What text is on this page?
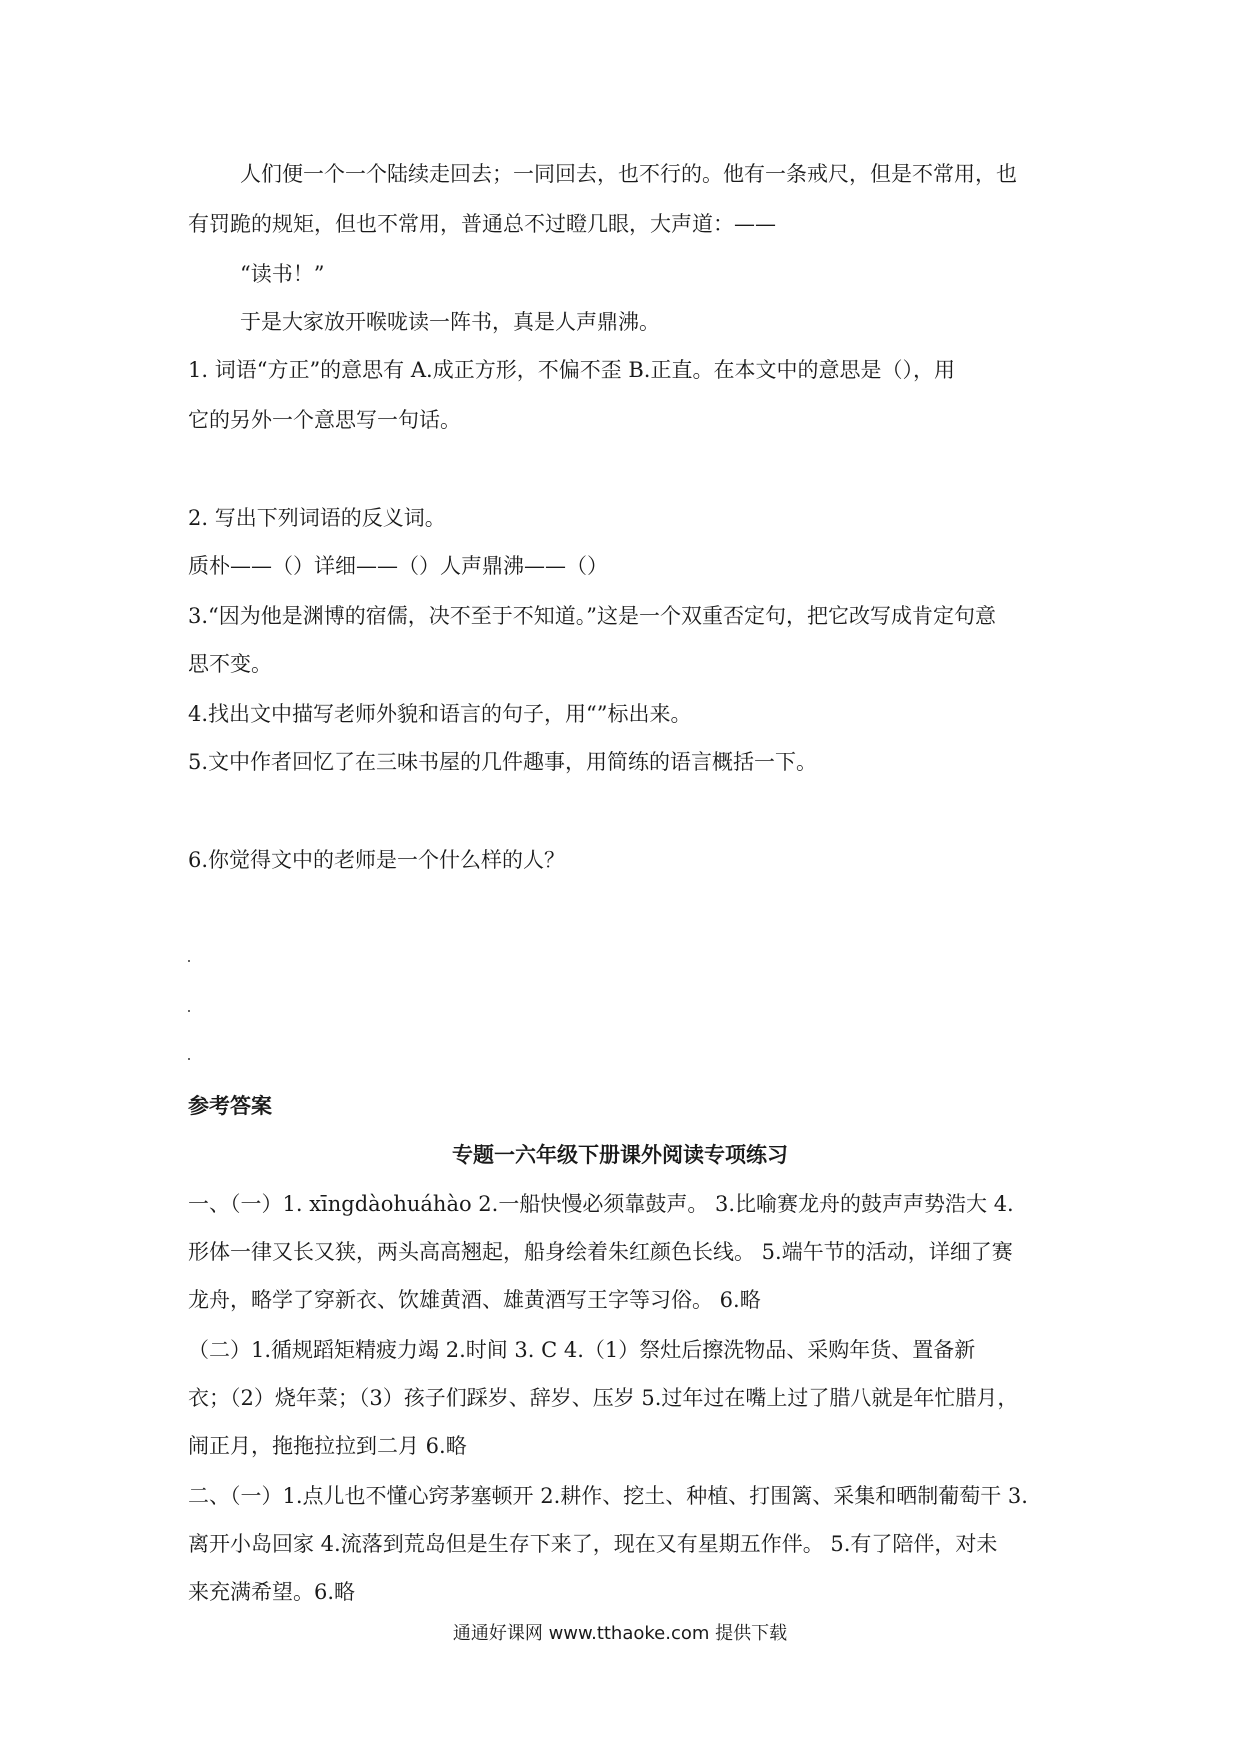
人们便一个一个陆续走回去；一同回去，也不行的。他有一条戒尺，但是不常用，也
有罚跪的规矩，但也不常用，普通总不过瞪几眼，大声道：——
“读书！”
于是大家放开喉咙读一阵书，真是人声鼎沸。
1. 词语“方正”的意思有 A.成正方形，不偏不歪 B.正直。在本文中的意思是（），用
它的另外一个意思写一句话。
2. 写出下列词语的反义词。
质朴——（）详细——（）人声鼎沸——（）
3.“因为他是渊博的宿儒，决不至于不知道。”这是一个双重否定句，把它改写成肯定句意
思不变。
4.找出文中描写老师外貌和语言的句子，用“”标出来。
5.文中作者回忆了在三味书屋的几件趣事，用简练的语言概括一下。
6.你觉得文中的老师是一个什么样的人？
参考答案
专题一六年级下册课外阅读专项练习
一、（一）1. xīngdàohuáhào 2.一船快慢必须靠鼓声。 3.比喻赛龙舟的鼓声声势浩大 4.
形体一律又长又狭，两头高高翘起，船身绘着朱红颜色长线。 5.端午节的活动，详细了赛
龙舟，略学了穿新衣、饮雄黄酒、雄黄酒写王字等习俗。 6.略
（二）1.循规蹈矩精疲力竭 2.时间 3. C 4.（1）祭灶后擦洗物品、采购年货、置备新
衣；（2）烧年菜；（3）孩子们踩岁、辞岁、压岁 5.过年过在嘴上过了腊八就是年忙腊月，
闹正月，拖拖拉拉到二月 6.略
二、（一）1.点儿也不懂心窍茅塞顿开 2.耕作、挖土、种植、打围篱、采集和晒制葡萄干 3.
离开小岛回家 4.流落到荒岛但是生存下来了，现在又有星期五作伴。 5.有了陪伴，对未
来充满希望。6.略
通通好课网 www.tthaoke.com 提供下载
